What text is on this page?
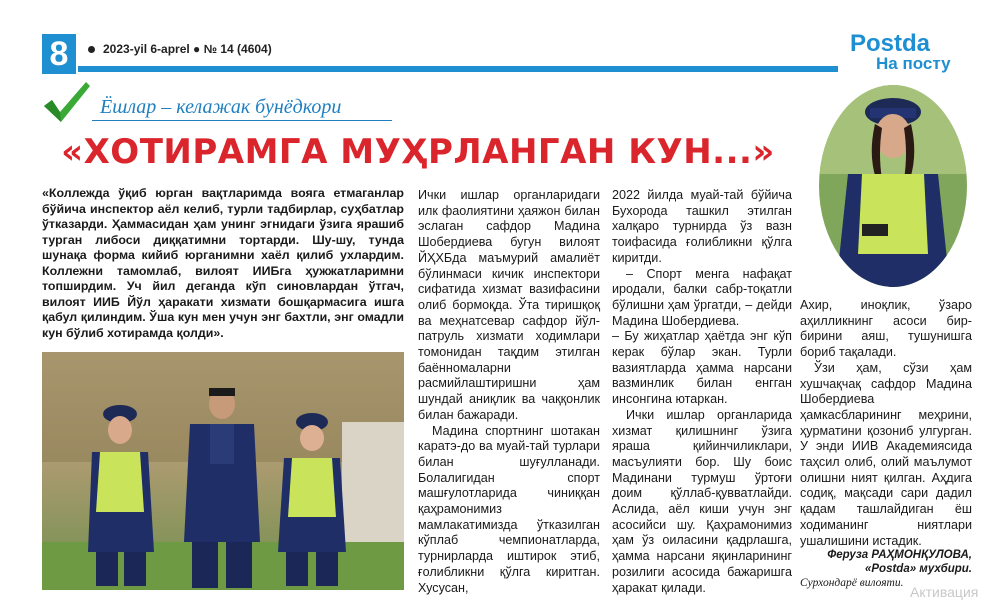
8	2023-yil 6-aprel ● № 14 (4604)	Postda
На посту
Ёшлар – келажак бунёдкори
«ХОТИРАМГА МУҲРЛАНГАН КУН...»
«Коллежда ўқиб юрган вақтларимда воягa етмаганлар бўйича инспектор аёл келиб, турли тадбирлар, суҳбатлар ўтказарди. Ҳаммасидан ҳам унинг эгнидаги ўзига ярашиб турган либоси диққатимни тортарди. Шу-шу, тунда шунақа форма кийиб юрганимни хаёл қилиб ухлардим. Коллежни тамомлаб, вилоят ИИБга ҳужжатларимни топширдим. Уч йил деганда кўп синовлардан ўтгач, вилоят ИИБ Йўл ҳаракати хизмати бошқармасига ишга қабул қилиндим. Ўша кун мен учун энг бахтли, энг омадли кун бўлиб хотирамда қолди».

Ички ишлар органларидаги илк фаолиятини ҳаяжон билан эслаган сафдор Мадина Шобердиева бугун вилоят ЙҲХБда маъмурий амалиёт бўлинмаси кичик инспектори сифатида хизмат вазифасини олиб бормоқда. Ўта тиришқоқ ва меҳнатсевар сафдор йўл-патруль хизмати ходимлари томонидан тақдим этилган баённомаларни расмийлаштиришни ҳам шундай аниқлик ва чаққонлик билан бажаради.

Мадина спортнинг шотакан каратэ-до ва муай-тай турлари билан шуғулланади. Болалигидан спорт машғулотларида чиниққан қаҳрамонимиз мамлакатимизда ўтказилган кўплаб чемпионатларда, турнирларда иштирок этиб, ғолибликни қўлга киритган. Хусусан,

2022 йилда муай-тай бўйича Бухорода ташкил этилган халқаро турнирда ўз вазн тоифасида ғолибликни қўлга киритди.

– Спорт менга нафақат иродали, балки сабр-тоқатли бўлишни ҳам ўргатди, – дейди Мадина Шобердиева.

– Бу жиҳатлар ҳаётда энг кўп керак бўлар экан. Турли вазиятларда ҳамма нарсани вазминлик билан енгган инсонгина ютаркан.

Ички ишлар органларида хизмат қилишнинг ўзига яраша қийинчиликлари, масъулияти бор. Шу боис Мадинани турмуш ўртоғи доим қўллаб-қувватлайди. Аслида, аёл киши учун энг асосийси шу. Қаҳрамонимиз ҳам ўз оиласини қадрлашга, ҳамма нарсани яқинларининг розилиги асосида бажаришга ҳаракат қилади.

Ахир, иноқлик, ўзаро аҳилликнинг асоси бир-бирини аяш, тушунишга бориб тақалади.

Ўзи ҳам, сўзи ҳам хушчақчақ сафдор Мадина Шобердиева ҳамкасбларининг меҳрини, ҳурматини қозониб улгурган. У энди ИИВ Академиясида таҳсил олиб, олий маълумот олишни ният қилган. Аҳдига содиқ, мақсади сари дадил қадам ташлайдиган ёш ходиманинг ниятлари ушалишини истадик.

Феруза РАҲМОНҚУЛОВА,
«Postda» мухбири.
Сурхондарё вилояти.
Активация
